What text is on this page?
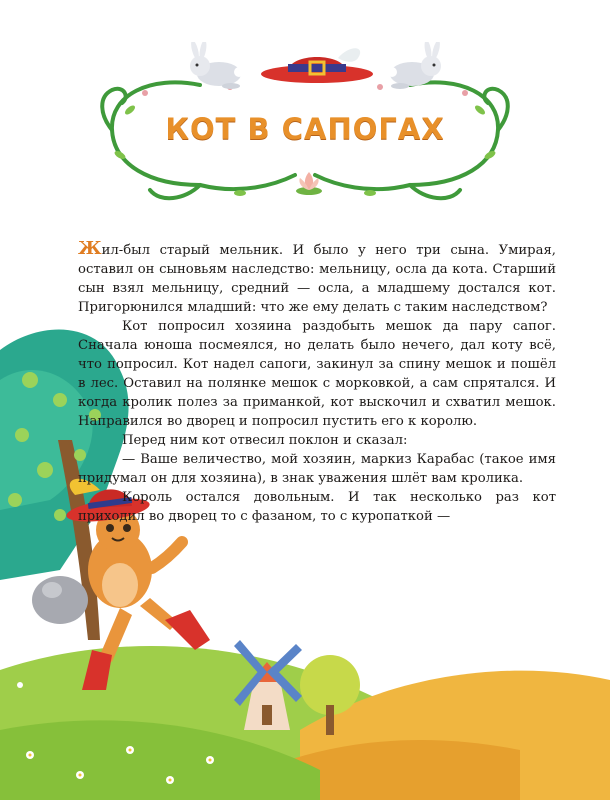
КОТ В САПОГАХ

Жил-был старый мельник. И было у него три сына. Умирая, оставил он сыновьям наследство: мельницу, осла да кота. Старший сын взял мельницу, средний — осла, а младшему достался кот. Пригорюнился младший: что же ему делать с таким наследством?

Кот попросил хозяина раздобыть мешок да пару сапог. Сначала юноша посмеялся, но делать было нечего, дал коту всё, что попросил. Кот надел сапоги, закинул за спину мешок и пошёл в лес. Оставил на полянке мешок с морковкой, а сам спрятался. И когда кролик полез за приманкой, кот выскочил и схватил мешок. Направился во дворец и попросил пустить его к королю.

Перед ним кот отвесил поклон и сказал:

— Ваше величество, мой хозяин, маркиз Карабас (такое имя придумал он для хозяина), в знак уважения шлёт вам кролика.

Король остался довольным. И так несколько раз кот приходил во дворец то с фазаном, то с куропаткой —
